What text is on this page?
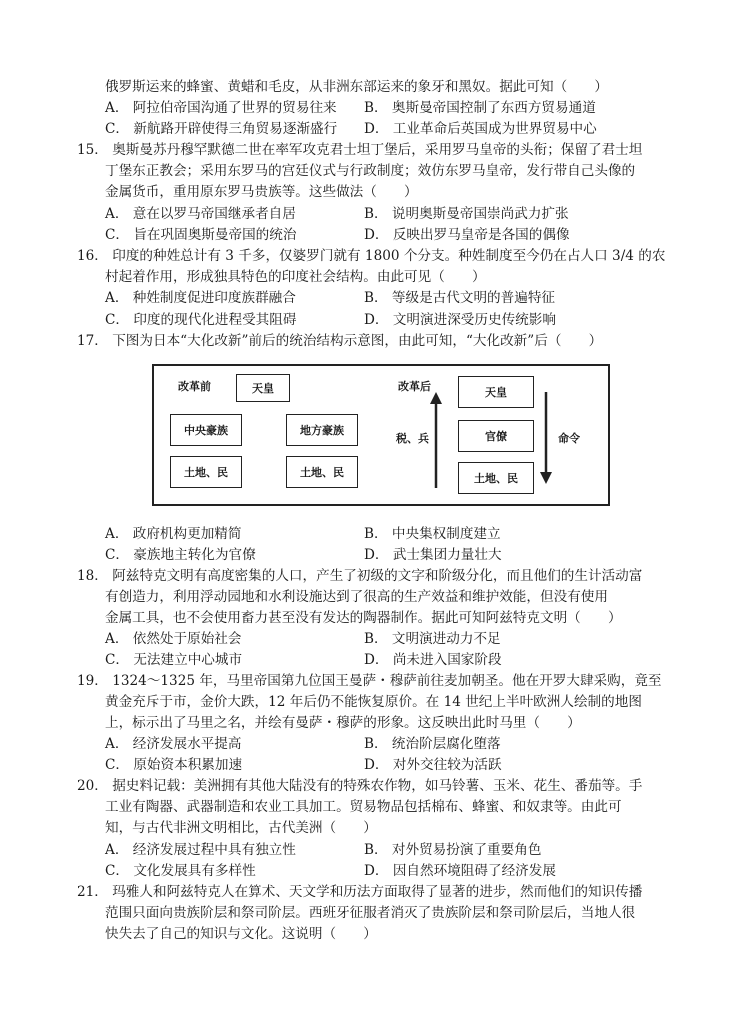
俄罗斯运来的蜂蜜、黄蜡和毛皮，从非洲东部运来的象牙和黑奴。据此可知（　　）
A． 阿拉伯帝国沟通了世界的贸易往来 B． 奥斯曼帝国控制了东西方贸易通道
C． 新航路开辟使得三角贸易逐渐盛行 D． 工业革命后英国成为世界贸易中心
15． 奥斯曼苏丹穆罕默德二世在率军攻克君士坦丁堡后，采用罗马皇帝的头衔；保留了君士坦
丁堡东正教会；采用东罗马的宫廷仪式与行政制度；效仿东罗马皇帝，发行带自己头像的
金属货币，重用原东罗马贵族等。这些做法（　　）
A． 意在以罗马帝国继承者自居	B． 说明奥斯曼帝国崇尚武力扩张
C． 旨在巩固奥斯曼帝国的统治	D． 反映出罗马皇帝是各国的偶像
16． 印度的种姓总计有 3 千多，仅婆罗门就有 1800 个分支。种姓制度至今仍在占人口 3/4 的农
村起着作用，形成独具特色的印度社会结构。由此可见（　　）
A． 种姓制度促进印度族群融合	B． 等级是古代文明的普遍特征
C． 印度的现代化进程受其阻碍	D． 文明演进深受历史传统影响
17． 下图为日本“大化改新”前后的统治结构示意图，由此可知，“大化改新”后（　　）
改革前	天皇
中央豪族	地方豪族
土地、民	土地、民
改革后
税、兵
天皇
官僚
土地、民
命令
A． 政府机构更加精简	B． 中央集权制度建立
C． 豪族地主转化为官僚	D． 武士集团力量壮大
18． 阿兹特克文明有高度密集的人口，产生了初级的文字和阶级分化，而且他们的生计活动富
有创造力，利用浮动园地和水利设施达到了很高的生产效益和维护效能，但没有使用
金属工具，也不会使用畜力甚至没有发达的陶器制作。据此可知阿兹特克文明（　　）
A． 依然处于原始社会	B． 文明演进动力不足
C． 无法建立中心城市	D． 尚未进入国家阶段
19． 1324～1325 年，马里帝国第九位国王曼萨・穆萨前往麦加朝圣。他在开罗大肆采购，竟至
黄金充斥于市，金价大跌，12 年后仍不能恢复原价。在 14 世纪上半叶欧洲人绘制的地图
上，标示出了马里之名，并绘有曼萨・穆萨的形象。这反映出此时马里（　　）
A． 经济发展水平提高	B． 统治阶层腐化堕落
C． 原始资本积累加速	D． 对外交往较为活跃
20． 据史料记载：美洲拥有其他大陆没有的特殊农作物，如马铃薯、玉米、花生、番茄等。手
工业有陶器、武器制造和农业工具加工。贸易物品包括棉布、蜂蜜、和奴隶等。由此可
知，与古代非洲文明相比，古代美洲（　　）
A． 经济发展过程中具有独立性	B． 对外贸易扮演了重要角色
C． 文化发展具有多样性	D． 因自然环境阻碍了经济发展
21． 玛雅人和阿兹特克人在算术、天文学和历法方面取得了显著的进步，然而他们的知识传播
范围只面向贵族阶层和祭司阶层。西班牙征服者消灭了贵族阶层和祭司阶层后，当地人很
快失去了自己的知识与文化。这说明（　　）
